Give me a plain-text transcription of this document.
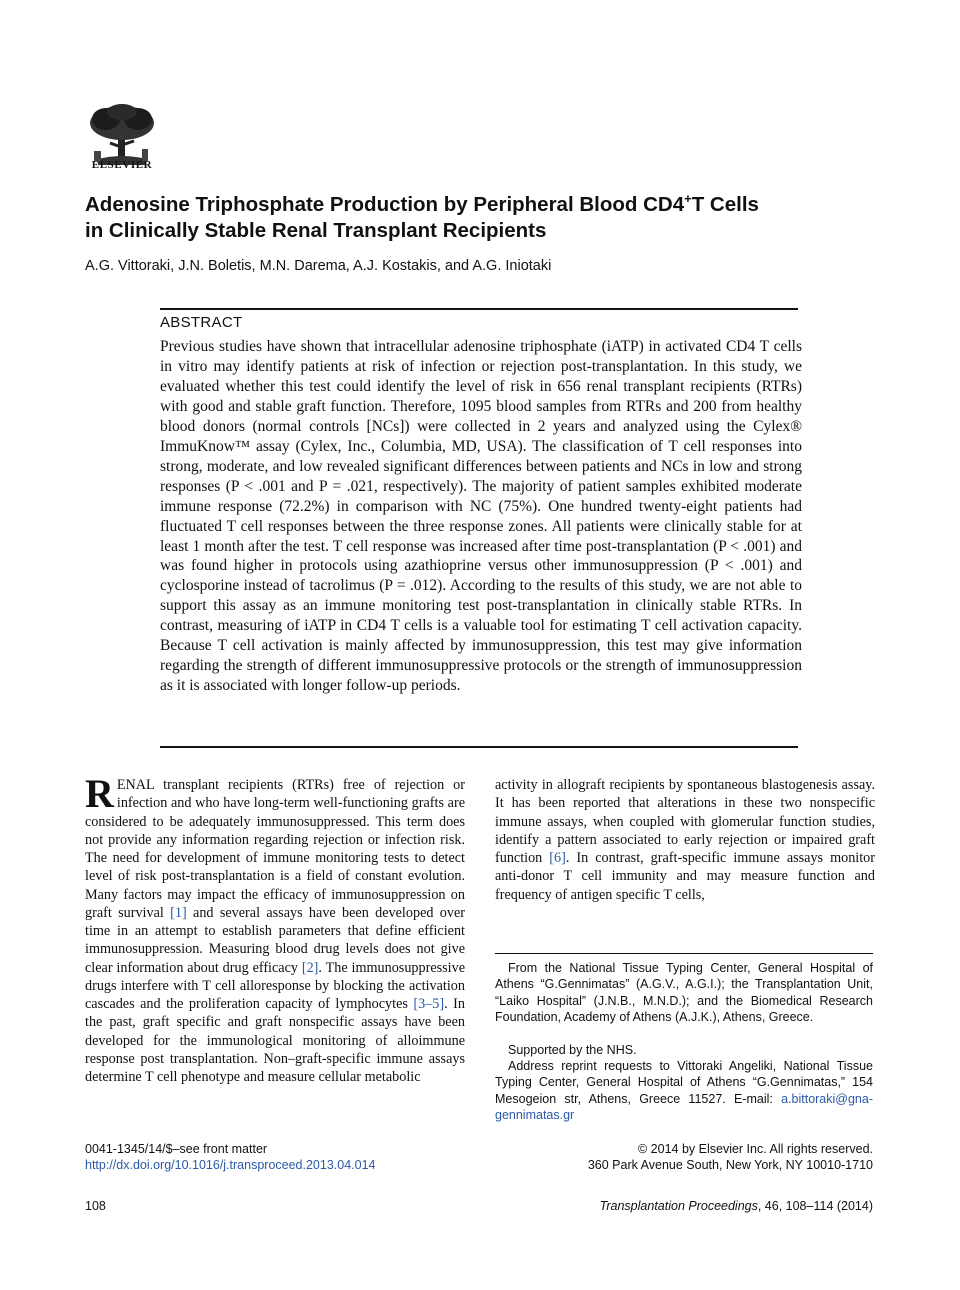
ELSEVIER
Adenosine Triphosphate Production by Peripheral Blood CD4+T Cells
in Clinically Stable Renal Transplant Recipients
A.G. Vittoraki, J.N. Boletis, M.N. Darema, A.J. Kostakis, and A.G. Iniotaki
ABSTRACT

Previous studies have shown that intracellular adenosine triphosphate (iATP) in activated CD4 T cells in vitro may identify patients at risk of infection or rejection post-transplantation. In this study, we evaluated whether this test could identify the level of risk in 656 renal transplant recipients (RTRs) with good and stable graft function. Therefore, 1095 blood samples from RTRs and 200 from healthy blood donors (normal controls [NCs]) were collected in 2 years and analyzed using the Cylex® ImmuKnow™ assay (Cylex, Inc., Columbia, MD, USA). The classification of T cell responses into strong, moderate, and low revealed significant differences between patients and NCs in low and strong responses (P < .001 and P = .021, respectively). The majority of patient samples exhibited moderate immune response (72.2%) in comparison with NC (75%). One hundred twenty-eight patients had fluctuated T cell responses between the three response zones. All patients were clinically stable for at least 1 month after the test. T cell response was increased after time post-transplantation (P < .001) and was found higher in protocols using azathioprine versus other immunosuppression (P < .001) and cyclosporine instead of tacrolimus (P = .012). According to the results of this study, we are not able to support this assay as an immune monitoring test post-transplantation in clinically stable RTRs. In contrast, measuring of iATP in CD4 T cells is a valuable tool for estimating T cell activation capacity. Because T cell activation is mainly affected by immunosuppression, this test may give information regarding the strength of different immunosuppressive protocols or the strength of immunosuppression as it is associated with longer follow-up periods.

RENAL transplant recipients (RTRs) free of rejection or infection and who have long-term well-functioning grafts are considered to be adequately immunosuppressed. This term does not provide any information regarding rejection or infection risk. The need for development of immune monitoring tests to detect level of risk post-transplantation is a field of constant evolution. Many factors may impact the efficacy of immunosuppression on graft survival [1] and several assays have been developed over time in an attempt to establish parameters that define efficient immunosuppression. Measuring blood drug levels does not give clear information about drug efficacy [2]. The immunosuppressive drugs interfere with T cell alloresponse by blocking the activation cascades and the proliferation capacity of lymphocytes [3–5]. In the past, graft specific and graft nonspecific assays have been developed for the immunological monitoring of alloimmune response post transplantation. Non–graft-specific immune assays determine T cell phenotype and measure cellular metabolic

activity in allograft recipients by spontaneous blastogenesis assay. It has been reported that alterations in these two nonspecific immune assays, when coupled with glomerular function studies, identify a pattern associated to early rejection or impaired graft function [6]. In contrast, graft-specific immune assays monitor anti-donor T cell immunity and may measure function and frequency of antigen specific T cells,

From the National Tissue Typing Center, General Hospital of Athens “G.Gennimatas” (A.G.V., A.G.I.); the Transplantation Unit, “Laiko Hospital” (J.N.B., M.N.D.); and the Biomedical Research Foundation, Academy of Athens (A.J.K.), Athens, Greece.

Supported by the NHS.

Address reprint requests to Vittoraki Angeliki, National Tissue Typing Center, General Hospital of Athens “G.Gennimatas,” 154 Mesogeion str, Athens, Greece 11527. E-mail: a.bittoraki@gna-gennimatas.gr

0041-1345/14/$–see front matter
http://dx.doi.org/10.1016/j.transproceed.2013.04.014
© 2014 by Elsevier Inc. All rights reserved.
360 Park Avenue South, New York, NY 10010-1710
108	Transplantation Proceedings, 46, 108–114 (2014)
